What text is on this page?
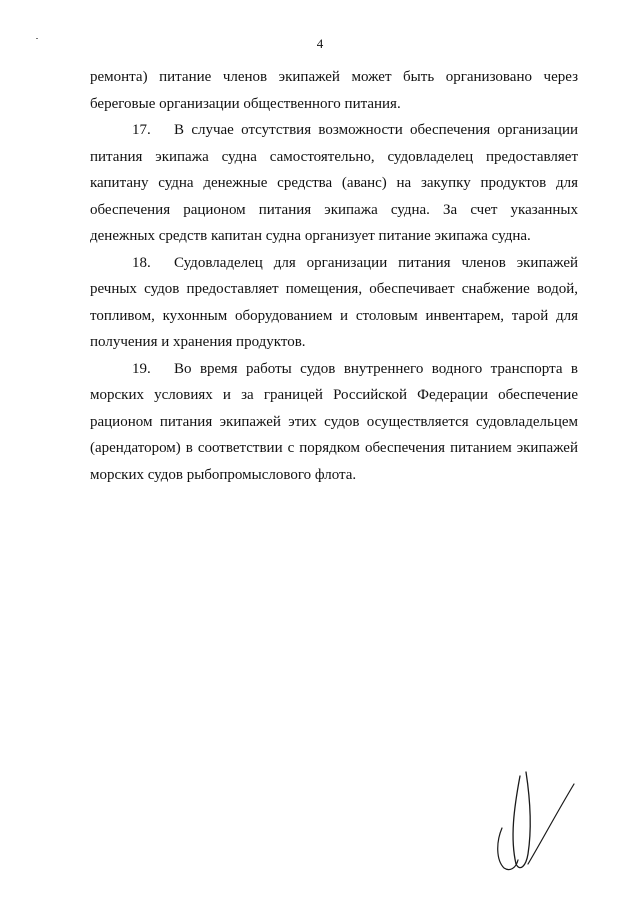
4

ремонта) питание членов экипажей может быть организовано через береговые организации общественного питания.

17. В случае отсутствия возможности обеспечения организации питания экипажа судна самостоятельно, судовладелец предоставляет капитану судна денежные средства (аванс) на закупку продуктов для обеспечения рационом питания экипажа судна. За счет указанных денежных средств капитан судна организует питание экипажа судна.

18. Судовладелец для организации питания членов экипажей речных судов предоставляет помещения, обеспечивает снабжение водой, топливом, кухонным оборудованием и столовым инвентарем, тарой для получения и хранения продуктов.

19. Во время работы судов внутреннего водного транспорта в морских условиях и за границей Российской Федерации обеспечение рационом питания экипажей этих судов осуществляется судовладельцем (арендатором) в соответствии с порядком обеспечения питанием экипажей морских судов рыбопромыслового флота.
